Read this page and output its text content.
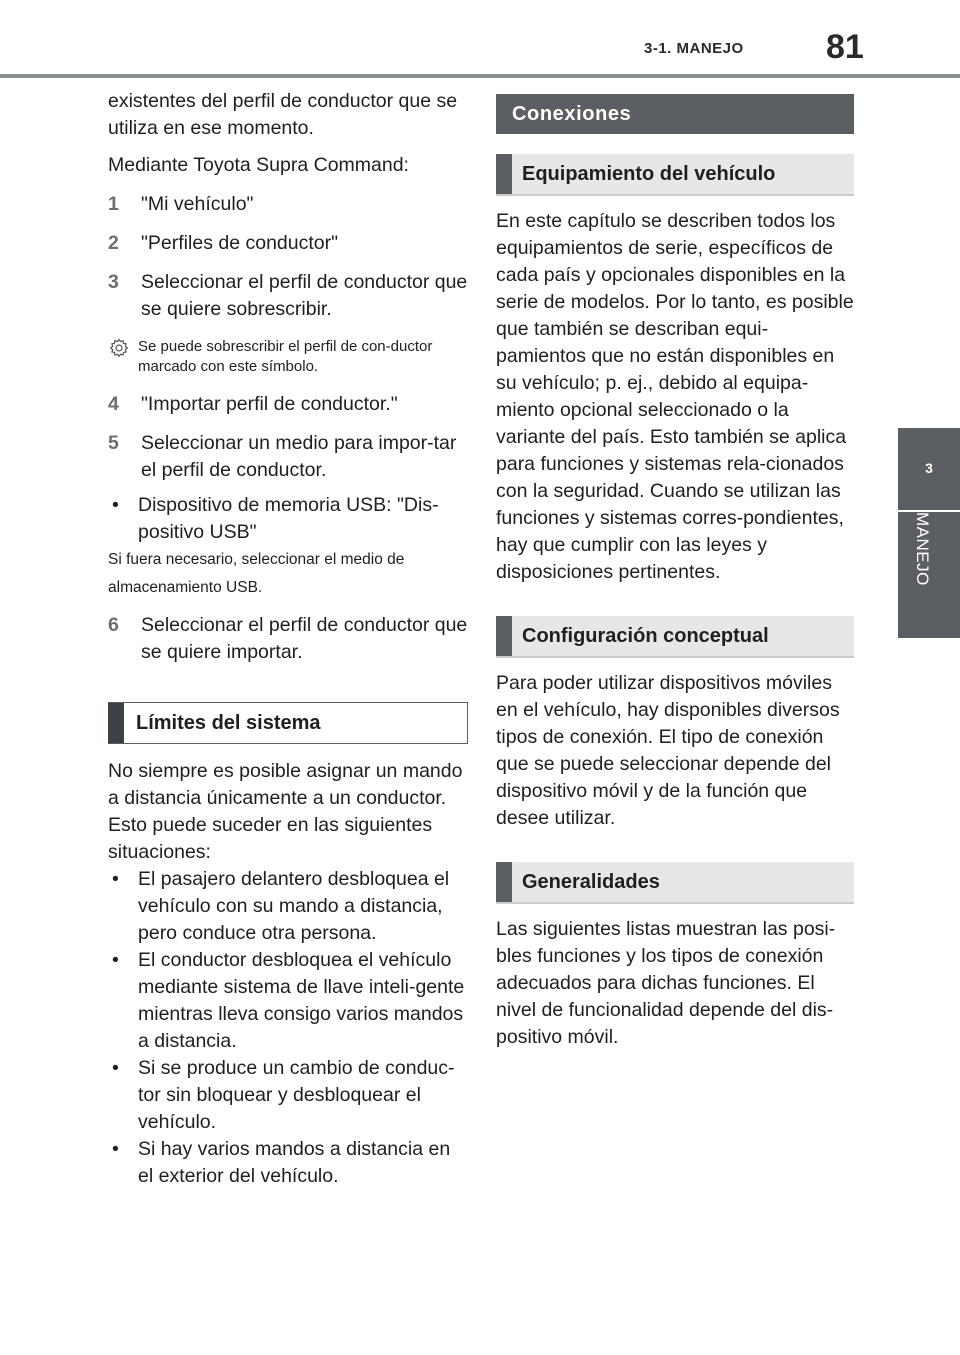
3-1. MANEJO 81
3
MANEJO

existentes del perfil de conductor que se utiliza en ese momento.

Mediante Toyota Supra Command:

1	"Mi vehículo"
2	"Perfiles de conductor"
3	Seleccionar el perfil de conductor que se quiere sobrescribir.
Se puede sobrescribir el perfil de con-ductor marcado con este símbolo.
4	"Importar perfil de conductor."
5	Seleccionar un medio para impor-tar el perfil de conductor.
• Dispositivo de memoria USB: "Dis-positivo USB"

Si fuera necesario, seleccionar el medio de almacenamiento USB.

6	Seleccionar el perfil de conductor que se quiere importar.
Límites del sistema

No siempre es posible asignar un mando a distancia únicamente a un conductor. Esto puede suceder en las siguientes situaciones:

• El pasajero delantero desbloquea el vehículo con su mando a distancia, pero conduce otra persona.
• El conductor desbloquea el vehículo mediante sistema de llave inteli-gente mientras lleva consigo varios mandos a distancia.
• Si se produce un cambio de conduc-tor sin bloquear y desbloquear el vehículo.
• Si hay varios mandos a distancia en el exterior del vehículo.
Conexiones
Equipamiento del vehículo

En este capítulo se describen todos los equipamientos de serie, específicos de cada país y opcionales disponibles en la serie de modelos. Por lo tanto, es posible que también se describan equi-pamientos que no están disponibles en su vehículo; p. ej., debido al equipa-miento opcional seleccionado o la variante del país. Esto también se aplica para funciones y sistemas rela-cionados con la seguridad. Cuando se utilizan las funciones y sistemas corres-pondientes, hay que cumplir con las leyes y disposiciones pertinentes.

Configuración conceptual

Para poder utilizar dispositivos móviles en el vehículo, hay disponibles diversos tipos de conexión. El tipo de conexión que se puede seleccionar depende del dispositivo móvil y de la función que desee utilizar.

Generalidades

Las siguientes listas muestran las posi-bles funciones y los tipos de conexión adecuados para dichas funciones. El nivel de funcionalidad depende del dis-positivo móvil.
